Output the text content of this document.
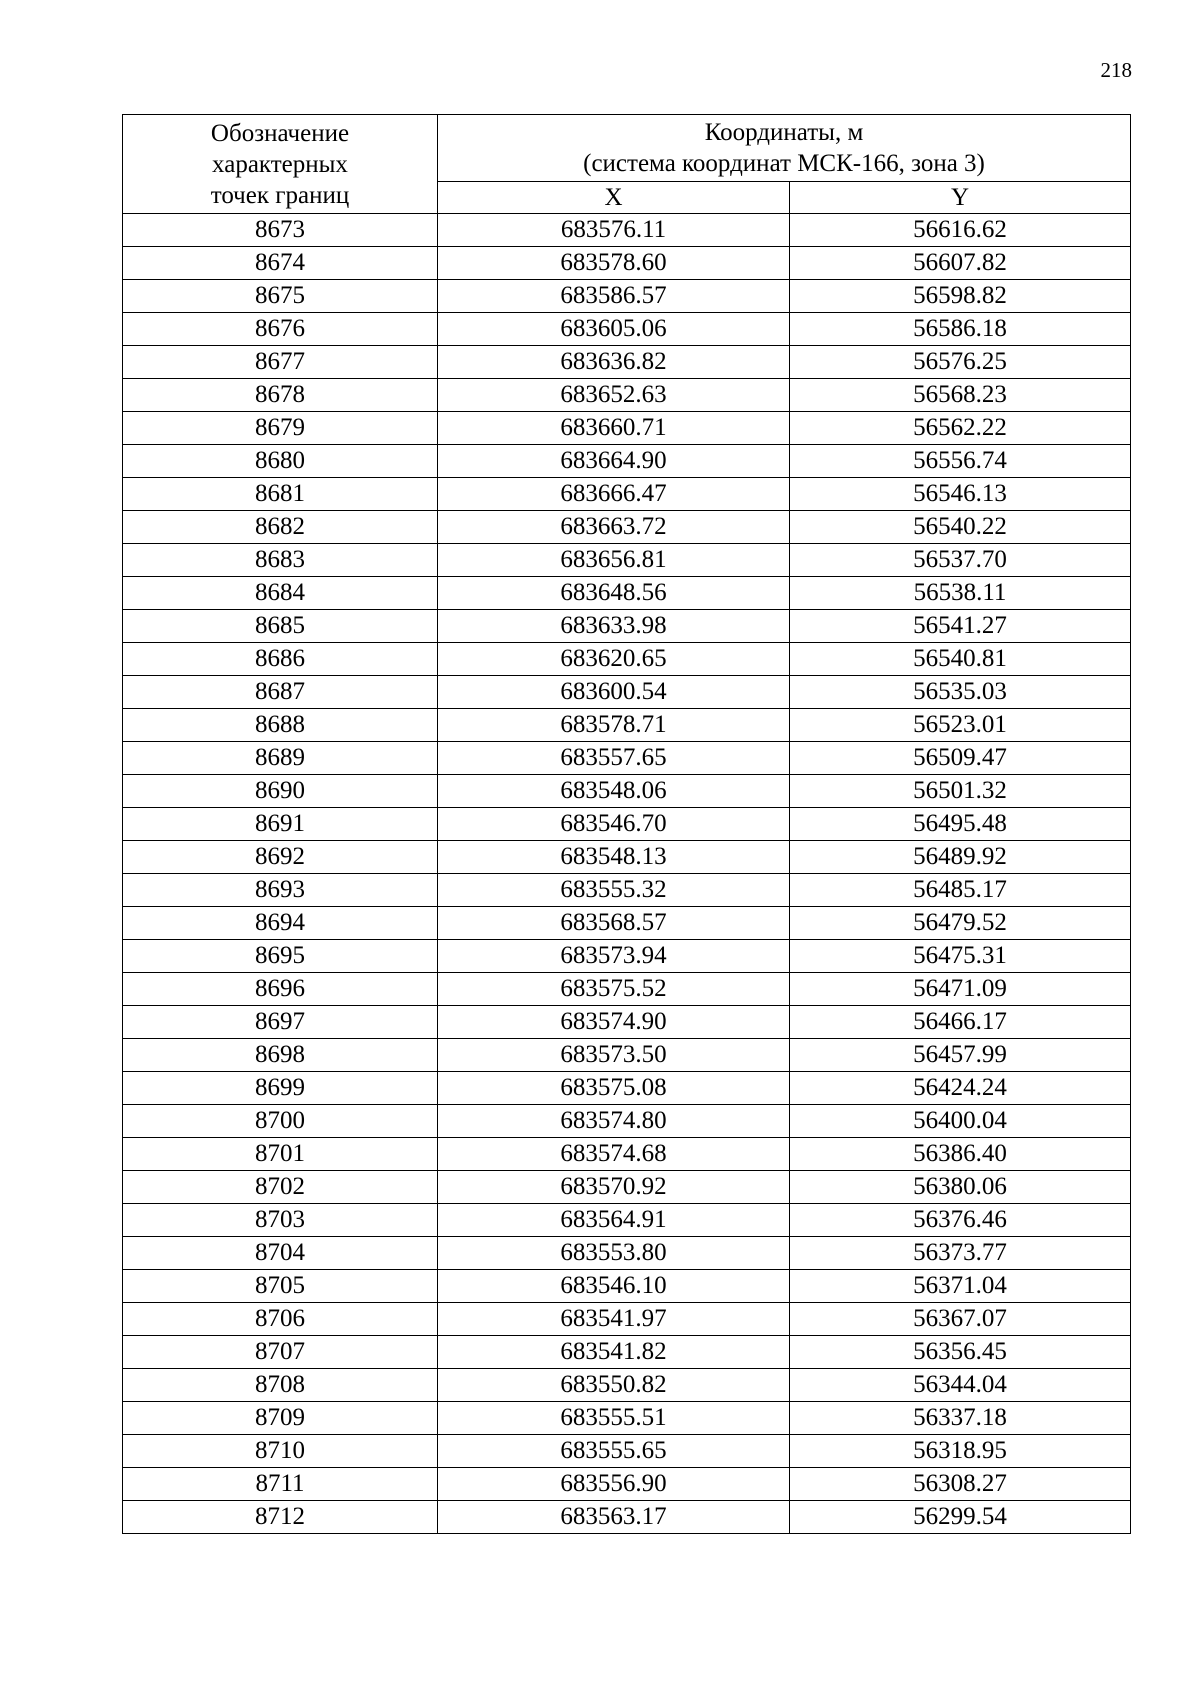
218
Обозначение
характерных
точек границ	Координаты, м
(система координат МСК-166, зона 3)	

	X	Y
8673	683576.11	56616.62
8674	683578.60	56607.82
8675	683586.57	56598.82
8676	683605.06	56586.18
8677	683636.82	56576.25
8678	683652.63	56568.23
8679	683660.71	56562.22
8680	683664.90	56556.74
8681	683666.47	56546.13
8682	683663.72	56540.22
8683	683656.81	56537.70
8684	683648.56	56538.11
8685	683633.98	56541.27
8686	683620.65	56540.81
8687	683600.54	56535.03
8688	683578.71	56523.01
8689	683557.65	56509.47
8690	683548.06	56501.32
8691	683546.70	56495.48
8692	683548.13	56489.92
8693	683555.32	56485.17
8694	683568.57	56479.52
8695	683573.94	56475.31
8696	683575.52	56471.09
8697	683574.90	56466.17
8698	683573.50	56457.99
8699	683575.08	56424.24
8700	683574.80	56400.04
8701	683574.68	56386.40
8702	683570.92	56380.06
8703	683564.91	56376.46
8704	683553.80	56373.77
8705	683546.10	56371.04
8706	683541.97	56367.07
8707	683541.82	56356.45
8708	683550.82	56344.04
8709	683555.51	56337.18
8710	683555.65	56318.95
8711	683556.90	56308.27
8712	683563.17	56299.54
